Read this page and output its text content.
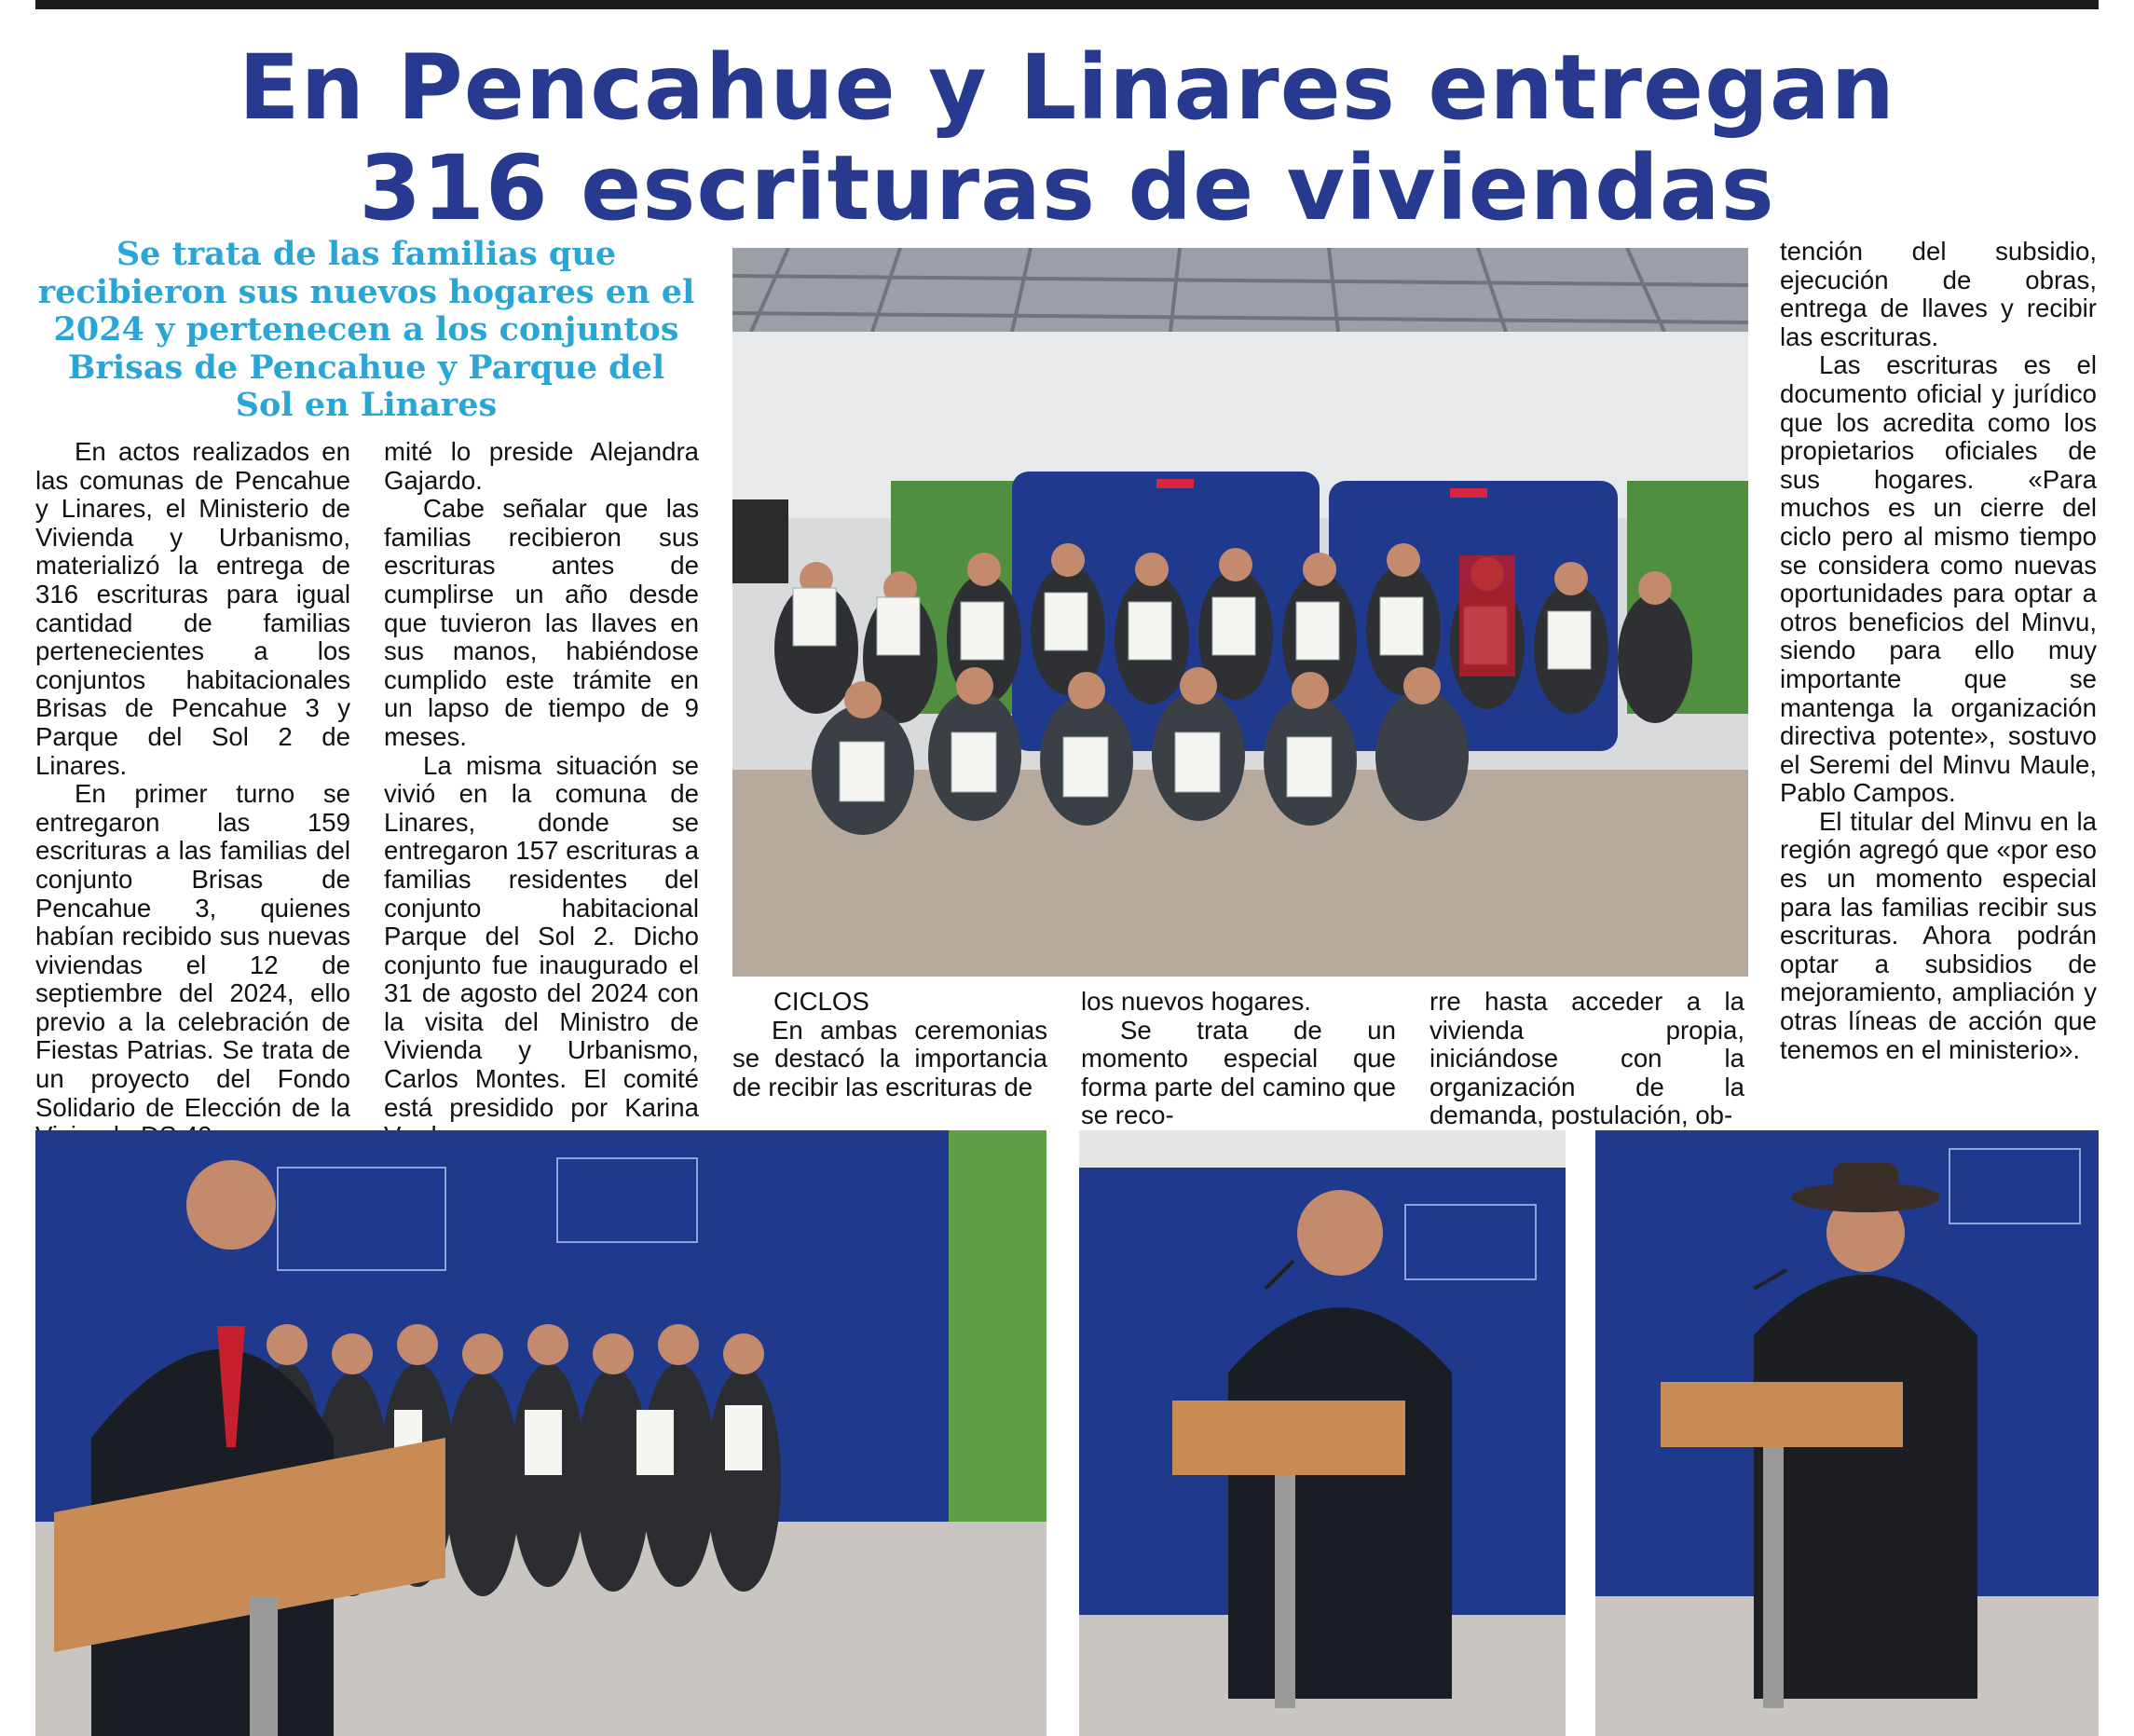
En Pencahue y Linares entregan
316 escrituras de viviendas
Se trata de las familias que recibieron sus nuevos hogares en el 2024 y pertenecen a los conjuntos Brisas de Pencahue y Parque del Sol en Linares

En actos realizados en las comunas de Pencahue y Linares, el Ministerio de Vivienda y Urbanismo, materializó la entrega de 316 escrituras para igual cantidad de familias pertenecientes a los conjuntos habitacionales Brisas de Pencahue 3 y Parque del Sol 2 de Linares.

En primer turno se entregaron las 159 escrituras a las familias del conjunto Brisas de Pencahue 3, quienes habían recibido sus nuevas viviendas el 12 de septiembre del 2024, ello previo a la celebración de Fiestas Patrias. Se trata de un proyecto del Fondo Solidario de Elección de la

mité lo preside Alejandra Gajardo.

Cabe señalar que las familias recibieron sus escrituras antes de cumplirse un año desde que tuvieron las llaves en sus manos, habiéndose cumplido este trámite en un lapso de tiempo de 9 meses.

La misma situación se vivió en la comuna de Linares, donde se entregaron 157 escrituras a familias residentes del conjunto habitacional Parque del Sol 2. Dicho conjunto fue inaugurado el 31 de agosto del 2024 con la visita del Ministro de Vivienda y Urbanismo, Carlos Montes. El comité está presidido por Karina

CICLOS

En ambas ceremonias se destacó la importancia de recibir las escrituras de

los nuevos hogares.

Se trata de un momento especial que forma parte del camino que se reco-

rre hasta acceder a la vivienda propia, iniciándose con la organización de la demanda, postulación, ob-

tención del subsidio, ejecución de obras, entrega de llaves y recibir las escrituras.

Las escrituras es el documento oficial y jurídico que los acredita como los propietarios oficiales de sus hogares. «Para muchos es un cierre del ciclo pero al mismo tiempo se considera como nuevas oportunidades para optar a otros beneficios del Minvu, siendo para ello muy importante que se mantenga la organización directiva potente», sostuvo el Seremi del Minvu Maule, Pablo Campos.

El titular del Minvu en la región agregó que «por eso es un momento especial para las familias recibir sus escrituras. Ahora podrán optar a subsidios de mejoramiento, ampliación y otras líneas de acción que tenemos en el ministerio».
